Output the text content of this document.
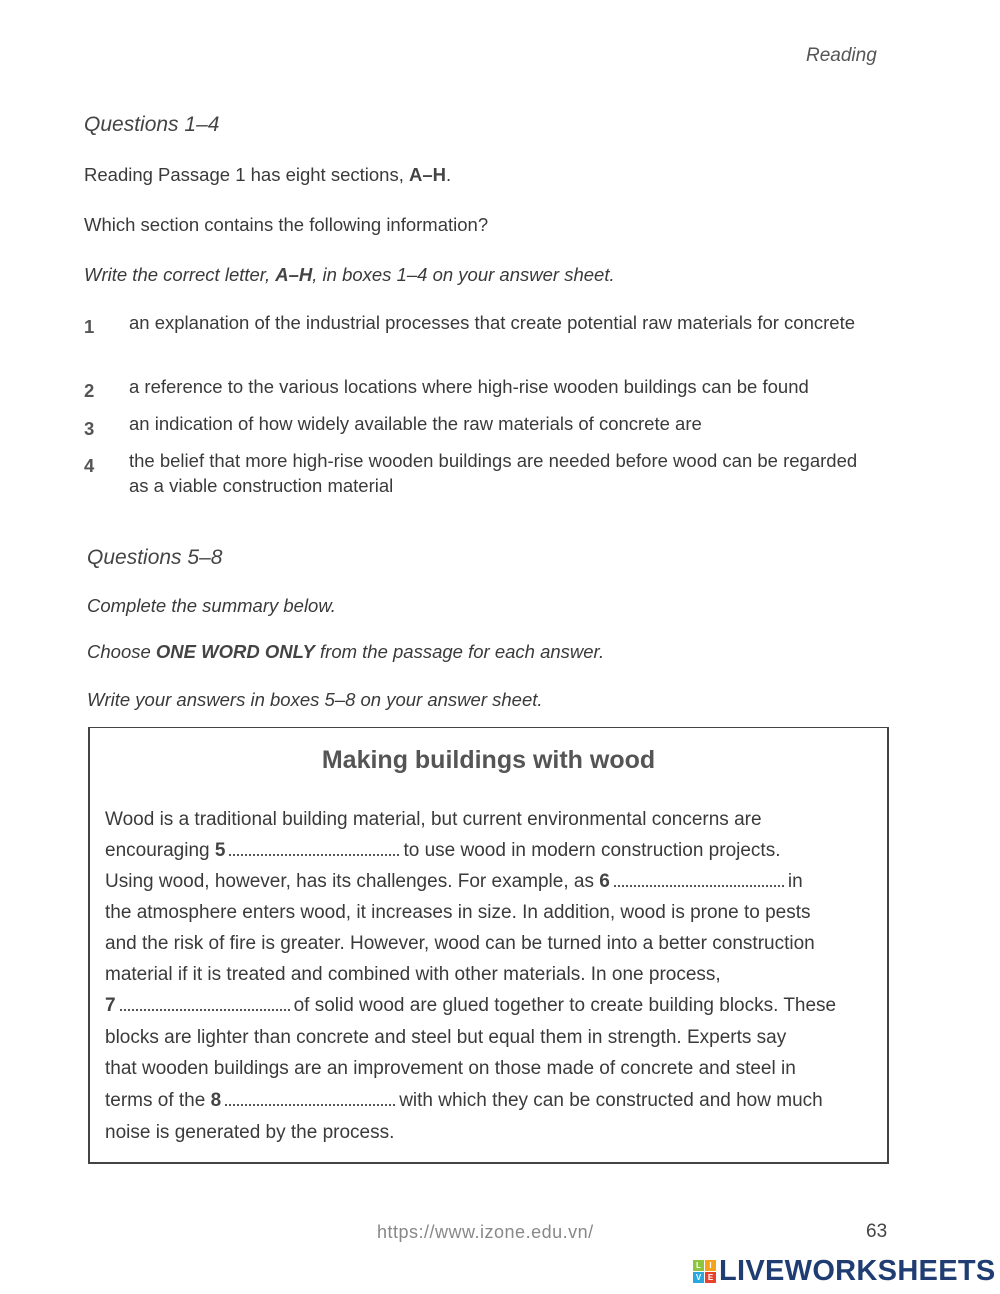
Reading
Questions 1–4
Reading Passage 1 has eight sections, A–H.
Which section contains the following information?
Write the correct letter, A–H, in boxes 1–4 on your answer sheet.
1 an explanation of the industrial processes that create potential raw materials for concrete
2 a reference to the various locations where high-rise wooden buildings can be found
3 an indication of how widely available the raw materials of concrete are
4 the belief that more high-rise wooden buildings are needed before wood can be regarded as a viable construction material
Questions 5–8
Complete the summary below.
Choose ONE WORD ONLY from the passage for each answer.
Write your answers in boxes 5–8 on your answer sheet.
Making buildings with wood
Wood is a traditional building material, but current environmental concerns are
encouraging 5	to use wood in modern construction projects.
Using wood, however, has its challenges. For example, as 6	in
the atmosphere enters wood, it increases in size. In addition, wood is prone to pests
and the risk of fire is greater. However, wood can be turned into a better construction
material if it is treated and combined with other materials. In one process,
7	of solid wood are glued together to create building blocks. These
blocks are lighter than concrete and steel but equal them in strength. Experts say
that wooden buildings are an improvement on those made of concrete and steel in
terms of the 8	with which they can be constructed and how much
noise is generated by the process.
https://www.izone.edu.vn/	63
L	I
V E LIVEWORKSHEETS
